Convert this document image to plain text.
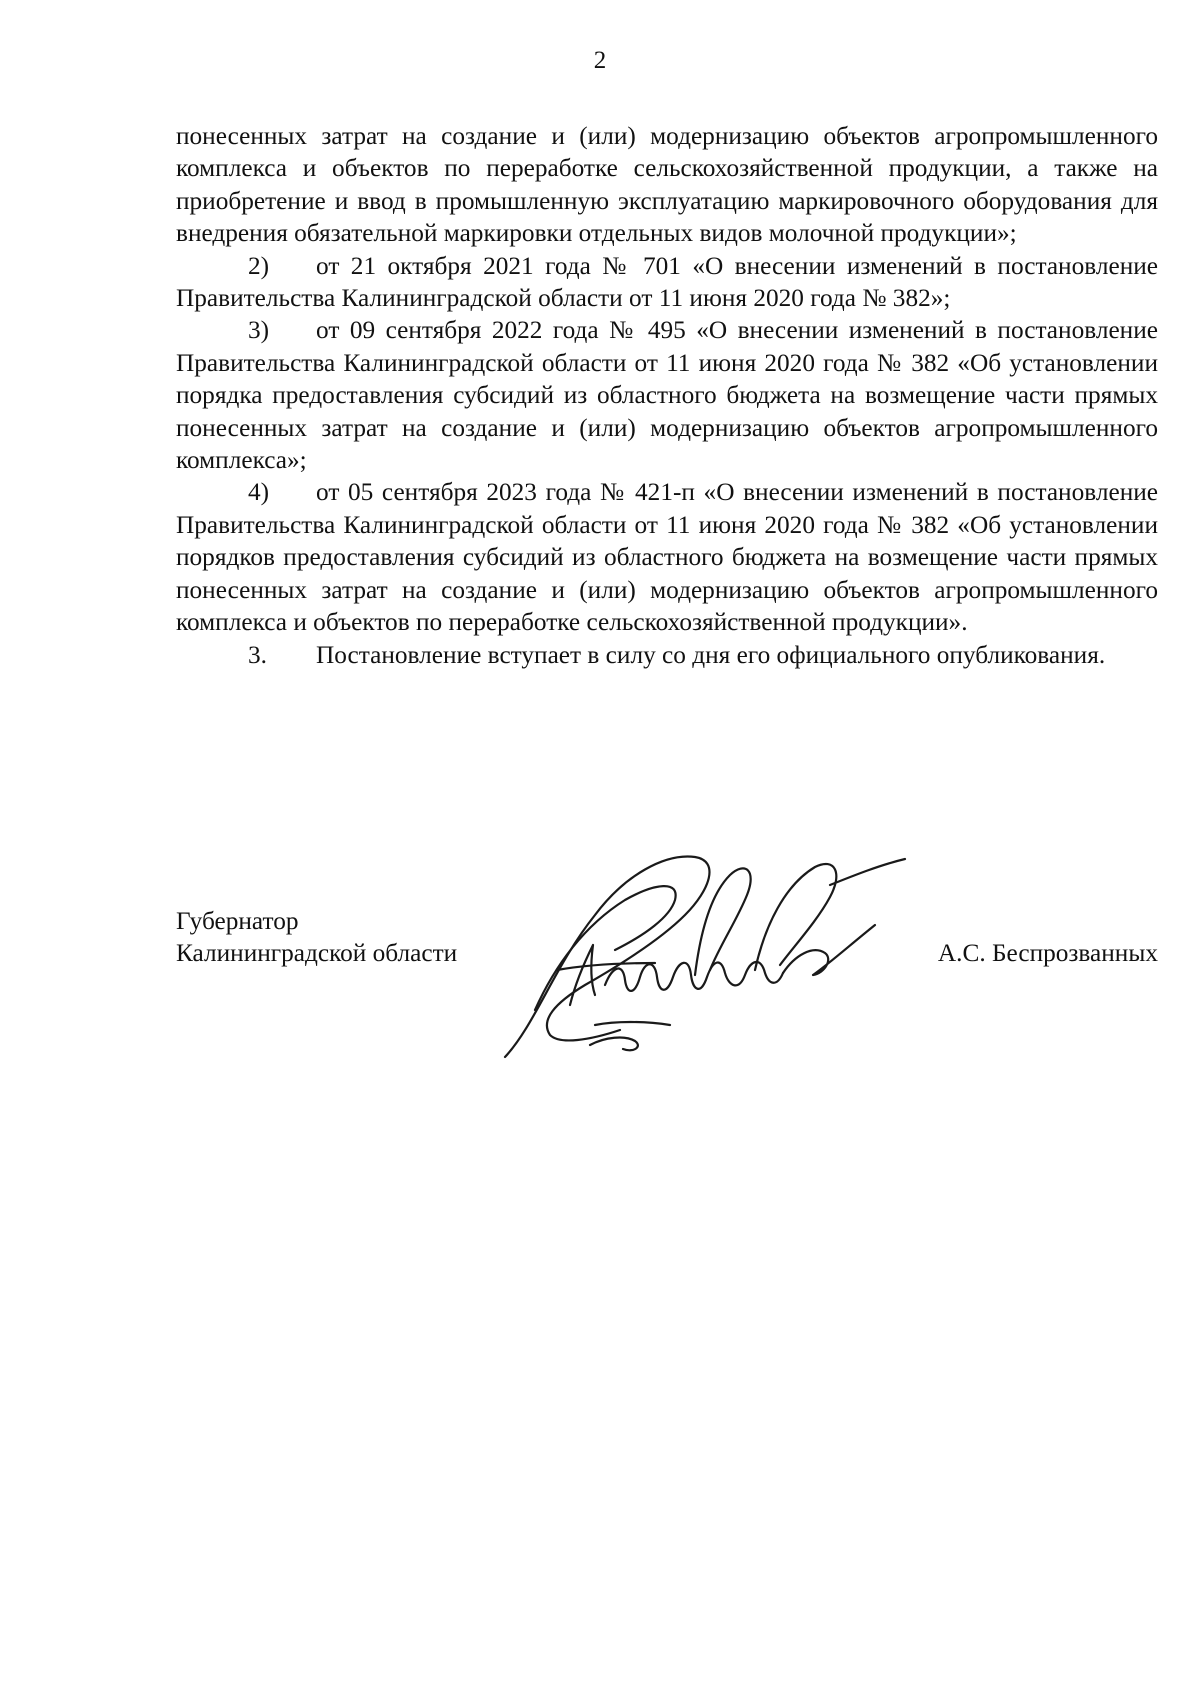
2

понесенных затрат на создание и (или) модернизацию объектов агропромышленного комплекса и объектов по переработке сельскохозяйственной продукции, а также на приобретение и ввод в промышленную эксплуатацию маркировочного оборудования для внедрения обязательной маркировки отдельных видов молочной продукции»;

2) от 21 октября 2021 года № 701 «О внесении изменений в постановление Правительства Калининградской области от 11 июня 2020 года № 382»;

3) от 09 сентября 2022 года № 495 «О внесении изменений в постановление Правительства Калининградской области от 11 июня 2020 года № 382 «Об установлении порядка предоставления субсидий из областного бюджета на возмещение части прямых понесенных затрат на создание и (или) модернизацию объектов агропромышленного комплекса»;

4) от 05 сентября 2023 года № 421-п «О внесении изменений в постановление Правительства Калининградской области от 11 июня 2020 года № 382 «Об установлении порядков предоставления субсидий из областного бюджета на возмещение части прямых понесенных затрат на создание и (или) модернизацию объектов агропромышленного комплекса и объектов по переработке сельскохозяйственной продукции».

3. Постановление вступает в силу со дня его официального опубликования.

Губернатор
Калининградской области	А.С. Беспрозванных
